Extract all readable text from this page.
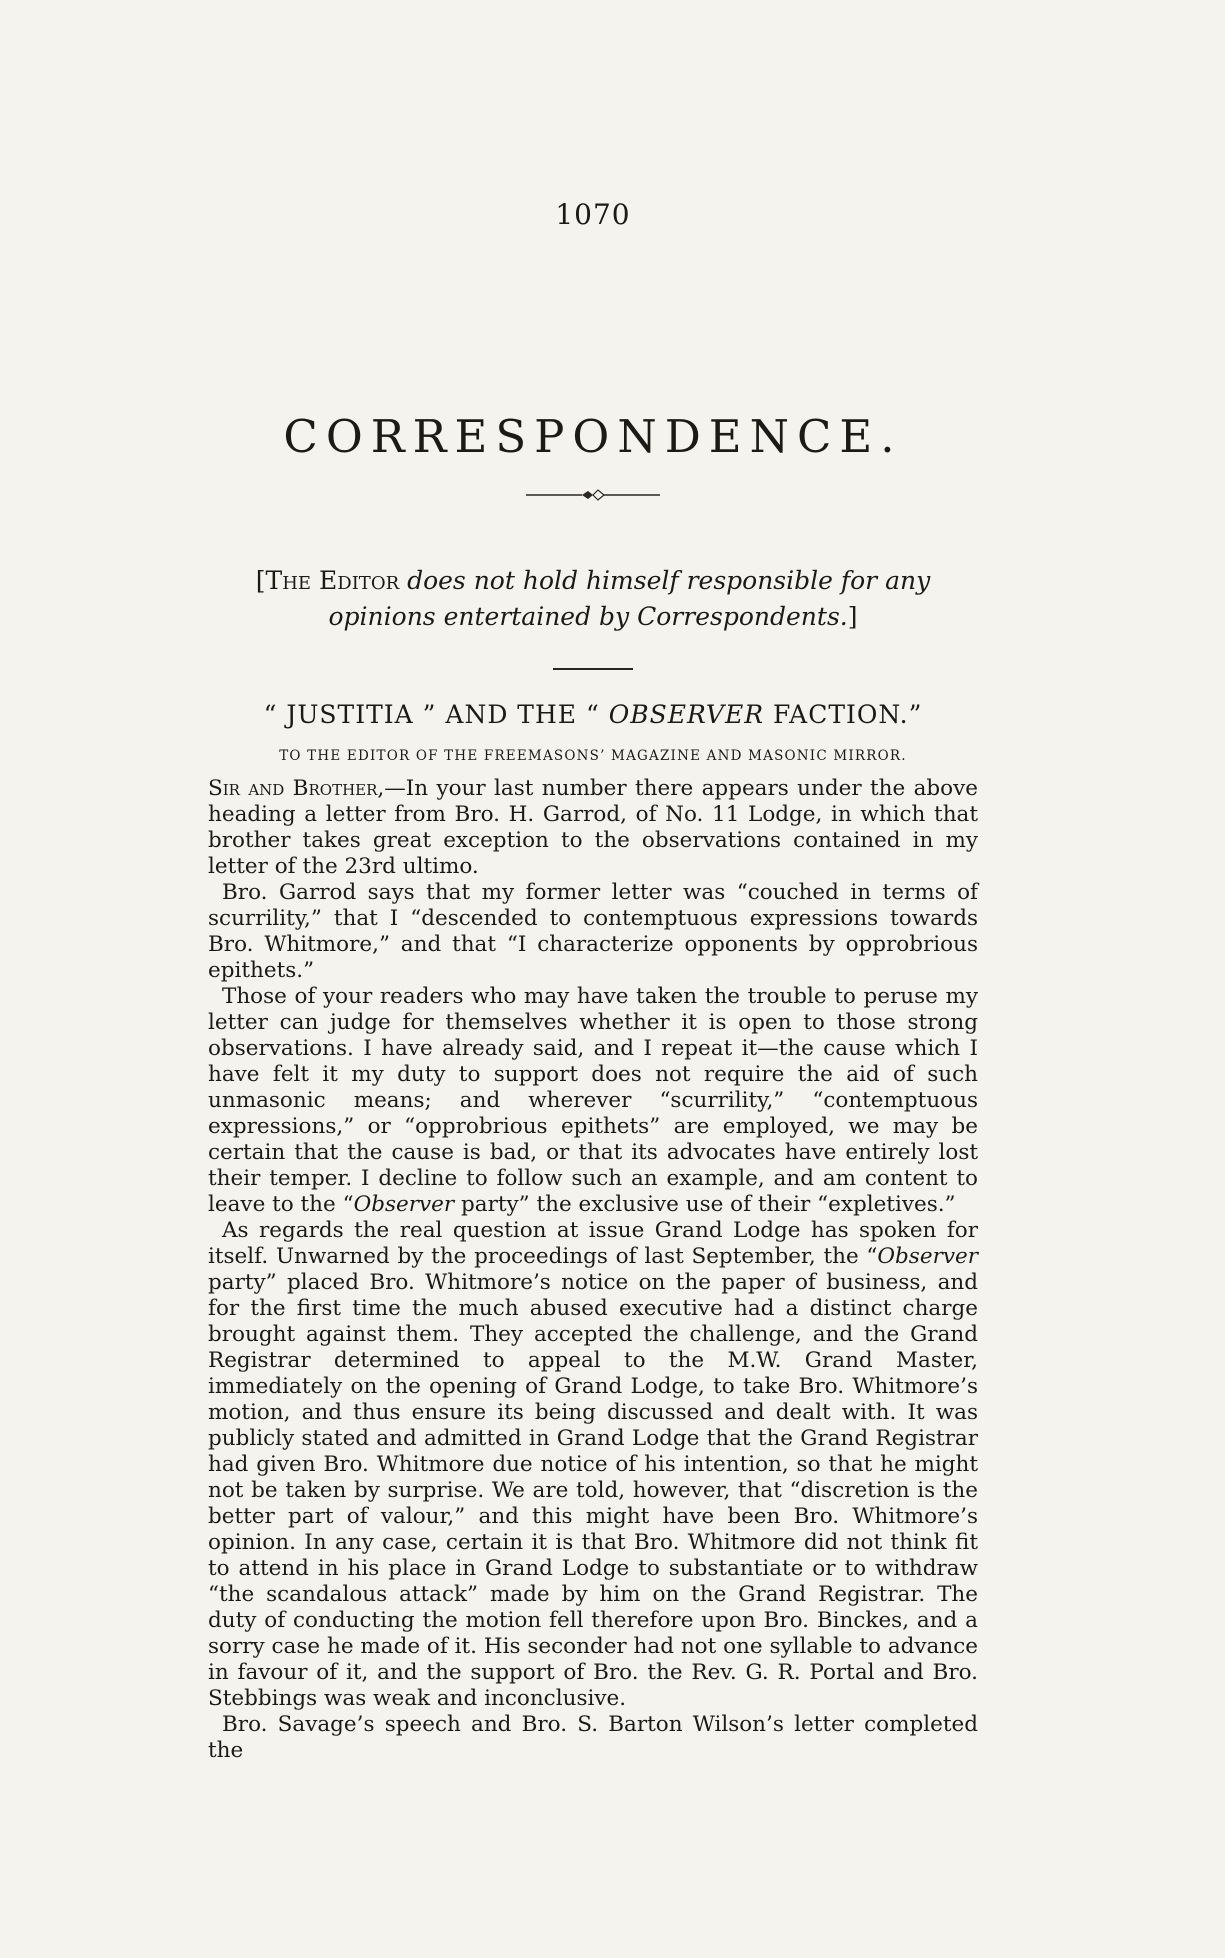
1070
CORRESPONDENCE.
[The Editor does not hold himself responsible for any opinions entertained by Correspondents.]
“ JUSTITIA ” AND THE “ OBSERVER FACTION.”
TO THE EDITOR OF THE FREEMASONS’ MAGAZINE AND MASONIC MIRROR.

Sir and Brother,—In your last number there appears under the above heading a letter from Bro. H. Garrod, of No. 11 Lodge, in which that brother takes great exception to the observations contained in my letter of the 23rd ultimo.

Bro. Garrod says that my former letter was “couched in terms of scurrility,” that I “descended to contemptuous expressions towards Bro. Whitmore,” and that “I characterize opponents by opprobrious epithets.”

Those of your readers who may have taken the trouble to peruse my letter can judge for themselves whether it is open to those strong observations. I have already said, and I repeat it—the cause which I have felt it my duty to support does not require the aid of such unmasonic means; and wherever “scurrility,” “contemptuous expressions,” or “opprobrious epithets” are employed, we may be certain that the cause is bad, or that its advocates have entirely lost their temper. I decline to follow such an example, and am content to leave to the “Observer party” the exclusive use of their “expletives.”

As regards the real question at issue Grand Lodge has spoken for itself. Unwarned by the proceedings of last September, the “Observer party” placed Bro. Whitmore’s notice on the paper of business, and for the first time the much abused executive had a distinct charge brought against them. They accepted the challenge, and the Grand Registrar determined to appeal to the M.W. Grand Master, immediately on the opening of Grand Lodge, to take Bro. Whitmore’s motion, and thus ensure its being discussed and dealt with. It was publicly stated and admitted in Grand Lodge that the Grand Registrar had given Bro. Whitmore due notice of his intention, so that he might not be taken by surprise. We are told, however, that “discretion is the better part of valour,” and this might have been Bro. Whitmore’s opinion. In any case, certain it is that Bro. Whitmore did not think fit to attend in his place in Grand Lodge to substantiate or to withdraw “the scandalous attack” made by him on the Grand Registrar. The duty of conducting the motion fell therefore upon Bro. Binckes, and a sorry case he made of it. His seconder had not one syllable to advance in favour of it, and the support of Bro. the Rev. G. R. Portal and Bro. Stebbings was weak and inconclusive.

Bro. Savage’s speech and Bro. S. Barton Wilson’s letter completed the
